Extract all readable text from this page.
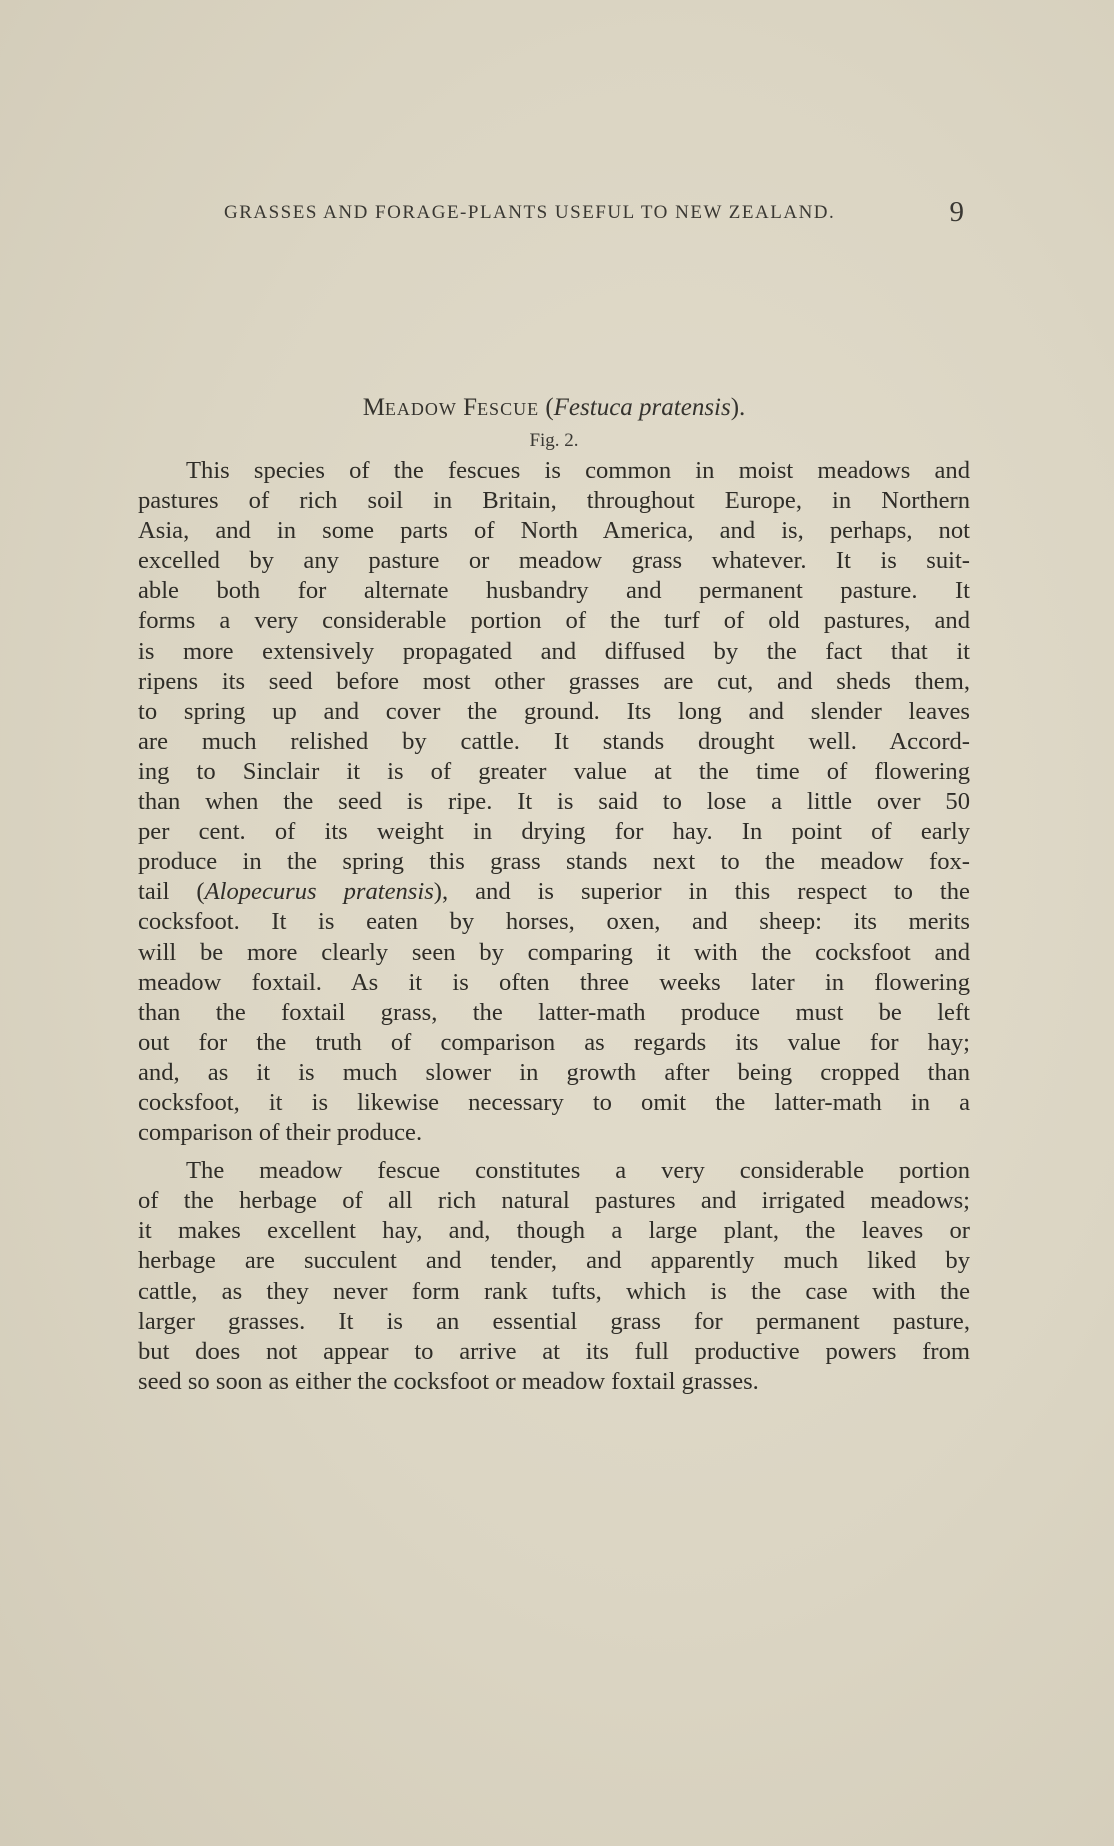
GRASSES AND FORAGE-PLANTS USEFUL TO NEW ZEALAND.	9
MEADOW FESCUE (Festuca pratensis).
Fig. 2.
This species of the fescues is common in moist meadows and
pastures of rich soil in Britain, throughout Europe, in Northern
Asia, and in some parts of North America, and is, perhaps, not
excelled by any pasture or meadow grass whatever. It is suit-
able both for alternate husbandry and permanent pasture. It
forms a very considerable portion of the turf of old pastures, and
is more extensively propagated and diffused by the fact that it
ripens its seed before most other grasses are cut, and sheds them,
to spring up and cover the ground. Its long and slender leaves
are much relished by cattle. It stands drought well. Accord-
ing to Sinclair it is of greater value at the time of flowering
than when the seed is ripe. It is said to lose a little over 50
per cent. of its weight in drying for hay. In point of early
produce in the spring this grass stands next to the meadow fox-
tail (Alopecurus pratensis), and is superior in this respect to the
cocksfoot. It is eaten by horses, oxen, and sheep: its merits
will be more clearly seen by comparing it with the cocksfoot and
meadow foxtail. As it is often three weeks later in flowering
than the foxtail grass, the latter-math produce must be left
out for the truth of comparison as regards its value for hay;
and, as it is much slower in growth after being cropped than
cocksfoot, it is likewise necessary to omit the latter-math in a
comparison of their produce.
The meadow fescue constitutes a very considerable portion
of the herbage of all rich natural pastures and irrigated meadows;
it makes excellent hay, and, though a large plant, the leaves or
herbage are succulent and tender, and apparently much liked by
cattle, as they never form rank tufts, which is the case with the
larger grasses. It is an essential grass for permanent pasture,
but does not appear to arrive at its full productive powers from
seed so soon as either the cocksfoot or meadow foxtail grasses.
